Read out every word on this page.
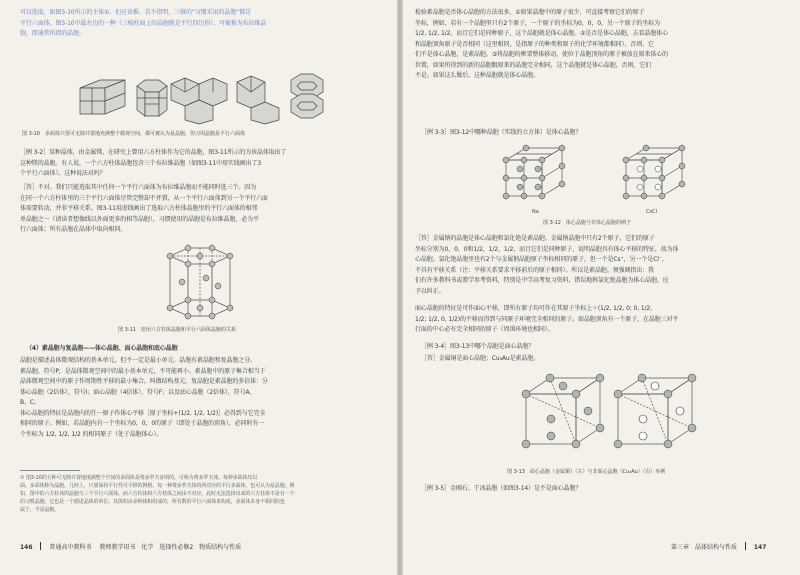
可以选取，如图3-10所示的主体①。但应该推。若不指明，三维的“习惯采用的晶胞”都是
平行六面体，图3-10中最左边的一种（三棱柱面上的晶胞就是平行四边形），可被称为布拉维晶
胞，即通常所指的晶胞。
图 3-10　多面体只要可无隙并置地充满整个微观空间，都可被认为是晶胞，但习用晶胞是平行六面体
［例 3-2］某种晶体，由金属镁、在研究上曾用六方柱体作为它的晶胞，图3-11所示的为该晶体取出了
这种镁的晶胞。有人说，一个六方柱体晶胞包含三个布拉维晶胞（如图3-11中用实线画出了3
个平行六面体）。这种说法对吗？
［答］不对。我们只能选取其中任何一个平行六面体为布拉维晶胞而不能同时选三个。因为
在同一个六方柱体里的三个平行六面体尽管完整却不并置，从一个平行六面体到另一个平行六面
体需要转动，并非平移关系。图3-11用虚线画出了选取六方柱体晶胞里的平行六面体的相邻
单晶胞之一（请读者想像线以外面更多的相等晶胞），习惯使用的晶胞是布拉维晶胞，必为平
行六面体；所有晶胞在晶体中取向相同。
图 3-11　密闭六方柱体晶胞和平行六面体晶胞的关系
（4）素晶胞与复晶胞——体心晶胞、面心晶胞和底心晶胞
晶胞是描述晶体微观结构的基本单元，但不一定是最小单元。晶胞有素晶胞和复晶胞之分。
素晶胞，符号P，是晶体微观空间中的最小基本单元，不可能再小。素晶胞中的原子集合相当于
晶体微观空间中的原子作周期性平移的最小集合，叫做结构基元。复晶胞是素晶胞的多倍体：分
体心晶胞（2倍体），符号I；面心晶胞（4倍体），符号F；以及底心晶胞（2倍体），符号A、
B、C。
体心晶胞的特征是晶胞内的任一原子作体心平移［原子坐标+(1/2, 1/2, 1/2)］必得到与它完全
相同的原子。例如，若晶胞内有一个坐标为0，0，0的原子（即处于晶胞的顶角），必同时有一
个坐标为 1/2, 1/2, 1/2 的相同原子（处于晶胞体心）。
① 图3-10的五种可无隙并置地填满整个空间的多面体是费多罗夫证明的，可称为费多罗夫体。每种多面体均以
面、多面体称为晶胞。几何上，只要保持平行性可平移的网格、每一种费多罗夫体的所对应的平行多面体，也可认为是晶胞。例
如，图中的六方柱体的晶胞与三个平行六面体。而六方柱体和六方柱体之间由不对应，此时无法选择出来的六方柱体不是有一个
的习惯晶胞，它也是一个描述晶体的单位。其体积由多种体积组成的，所有数的平行六面体来构成，多面体本身不相同的也
属于，不是晶胞。
146	普通高中教科书 教师教学用书　化学　选择性必修2　物质结构与性质
检验素晶胞是否体心晶胞的方法很多，①如果晶胞中的原子很少，可直接考察它们的原子
坐标，例如，若有一个晶胞里只有2个原子，一个原子的坐标为0，0，0，另一个原子的坐标为
1/2, 1/2, 1/2，而且它们是同种原子，这个晶胞就是体心晶胞。②是否是体心晶胞，去看晶胞体心
和晶胞顶角原子是否相同（这里相同，是指原子的种类和原子的化学环境都相同）。否则，它
们不是体心晶胞，是素晶胞。③将晶胞的框架整体移动，使位于晶胞顶角的原子被放在原来体心的
位置，如果所得到的新的晶胞跟原来的晶胞完全相同，这个晶胞就是体心晶胞，否则，它们
不是。如果这么做后，这种晶胞就是体心晶胞。
［例 3-3］图3-12中哪种晶胞（实线的立方体）是体心晶胞？
Na	CsCl
图 3-12　体心晶胞与非体心晶胞的例子
［答］金属钠的晶胞是体心晶胞和氯化铯是素晶胞。金属钠晶胞中只有2个原子，它们的原子
坐标分别为0，0，0和1/2，1/2，1/2，而且它们是同种原子，说明晶胞具有体心平移的特征，故为体
心晶胞。氯化铯晶胞里也有2个与金属钠晶胞原子坐标相同的原子，但一个是Cs⁺，另一个是Cl⁻，
不具有平移关系（注：平移关系要求平移前后的原子相同）。所以是素晶胞。须强调指出：我
们有许多教科书或教学参考资料，特别是中学高考复习资料，错误地称氯化铯晶胞为体心晶胞，应
予以纠正。
面心晶胞的特征是可作面心平移，即所有原子均可作在其原子坐标上＋(1/2, 1/2, 0; 0, 1/2,
1/2; 1/2, 0, 1/2)的平移而得到与同原子环境完全相同的原子。如晶胞顶角有一个原子，在晶胞三对平
行面的中心必有完全相同的原子（周围环境也相同）。
［例 3-4］图3-13中哪个晶胞是面心晶胞？
［答］金属铜是面心晶胞；Cu₃Au是素晶胞。
图 3-13　面心晶胞（金属铜）（左）与非面心晶胞（Cu₃Au）（右）举例
［例 3-5］金刚石、干冰晶胞（如图3-14）是不是面心晶胞？
第三章　晶体结构与性质	147
